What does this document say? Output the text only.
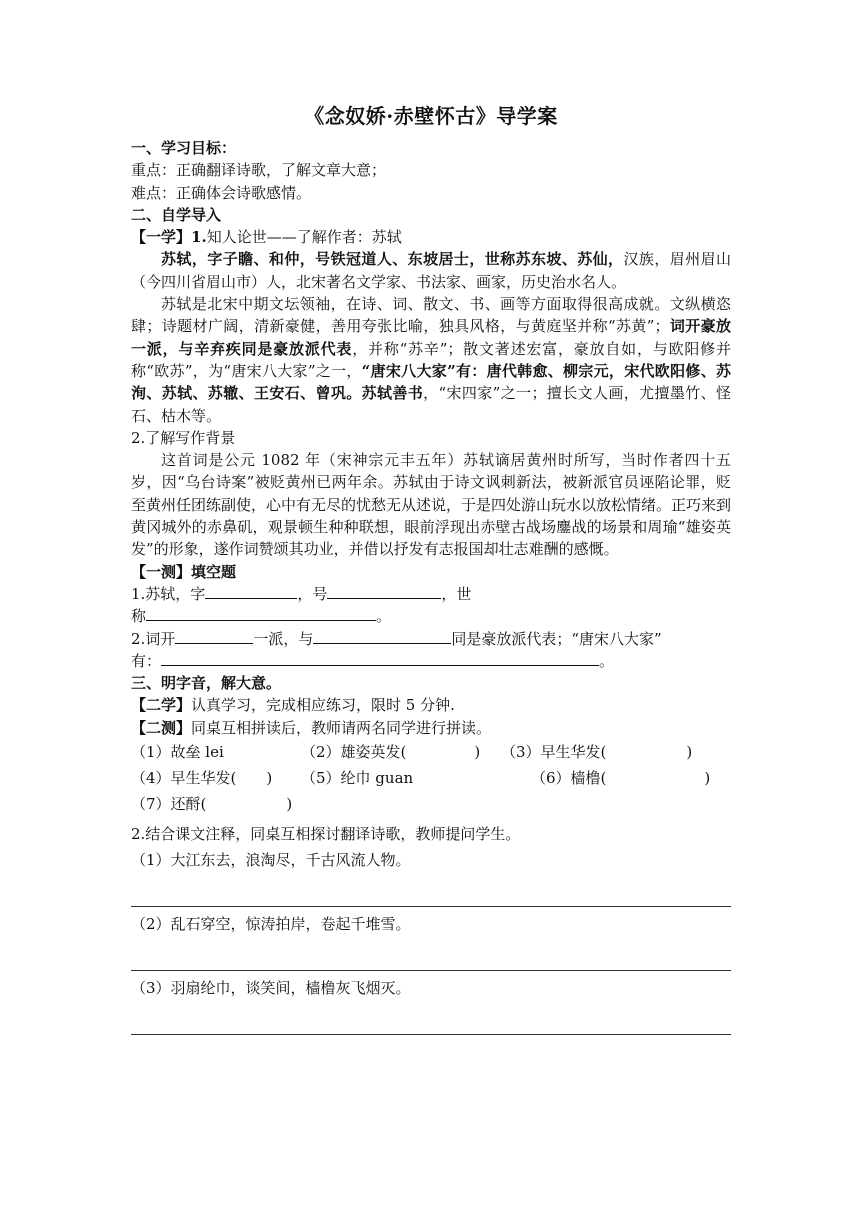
《念奴娇·赤壁怀古》导学案

一、学习目标：

重点：正确翻译诗歌，了解文章大意；

难点：正确体会诗歌感情。

二、自学导入

【一学】1.知人论世——了解作者：苏轼

苏轼，字子瞻、和仲，号铁冠道人、东坡居士，世称苏东坡、苏仙，汉族，眉州眉山（今四川省眉山市）人，北宋著名文学家、书法家、画家，历史治水名人。

苏轼是北宋中期文坛领袖，在诗、词、散文、书、画等方面取得很高成就。文纵横恣肆；诗题材广阔，清新豪健，善用夸张比喻，独具风格，与黄庭坚并称“苏黄”；词开豪放一派，与辛弃疾同是豪放派代表，并称“苏辛”；散文著述宏富，豪放自如，与欧阳修并称“欧苏”，为“唐宋八大家”之一，“唐宋八大家”有：唐代韩愈、柳宗元，宋代欧阳修、苏洵、苏轼、苏辙、王安石、曾巩。苏轼善书，“宋四家”之一；擅长文人画，尤擅墨竹、怪石、枯木等。

2.了解写作背景

这首词是公元 1082 年（宋神宗元丰五年）苏轼谪居黄州时所写，当时作者四十五岁，因“乌台诗案”被贬黄州已两年余。苏轼由于诗文讽刺新法，被新派官员诬陷论罪，贬至黄州任团练副使，心中有无尽的忧愁无从述说，于是四处游山玩水以放松情绪。正巧来到黄冈城外的赤鼻矶，观景顿生种种联想，眼前浮现出赤壁古战场鏖战的场景和周瑜“雄姿英发”的形象，遂作词赞颂其功业，并借以抒发有志报国却壮志难酬的感慨。

【一测】填空题

1.苏轼，字	，号	，世
称	。

2.词开	一派，与	同是豪放派代表；“唐宋八大家”
有：	。

三、明字音，解大意。

【二学】认真学习，完成相应练习，限时 5 分钟.

【二测】同桌互相拼读后，教师请两名同学进行拼读。

（1）故垒 lei	（2）雄姿英发(	)	（3）早生华发(	)
（4）早生华发( )	（5）纶巾 guan	（6）樯橹(	)
（7）还酹(	)

2.结合课文注释，同桌互相探讨翻译诗歌，教师提问学生。

（1）大江东去，浪淘尽，千古风流人物。

（2）乱石穿空，惊涛拍岸，卷起千堆雪。

（3）羽扇纶巾，谈笑间，樯橹灰飞烟灭。
